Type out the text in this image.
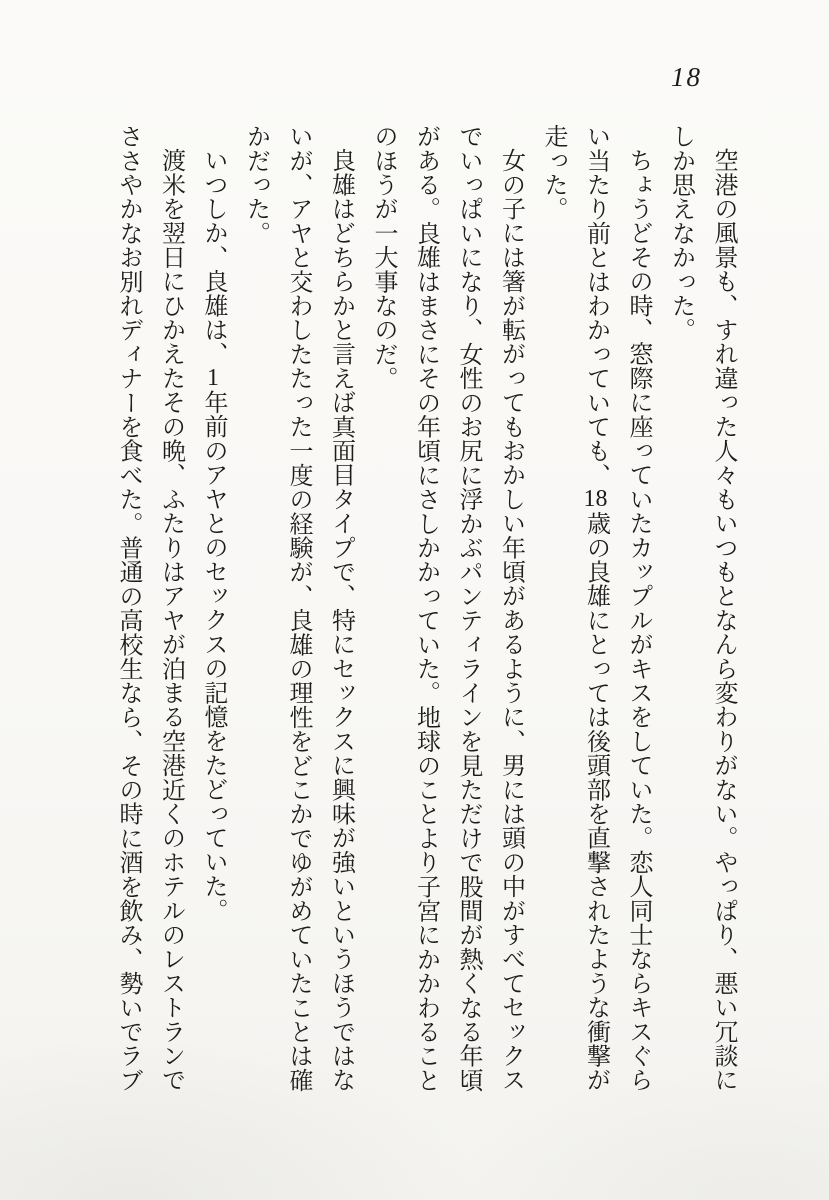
18

空港の風景も、すれ違った人々もいつもとなんら変わりがない。やっぱり、悪い冗談にしか思えなかった。

ちょうどその時、窓際に座っていたカップルがキスをしていた。恋人同士ならキスぐらい当たり前とはわかっていても、18歳の良雄にとっては後頭部を直撃されたような衝撃が走った。

女の子には箸が転がってもおかしい年頃があるように、男には頭の中がすべてセックスでいっぱいになり、女性のお尻に浮かぶパンティラインを見ただけで股間が熱くなる年頃がある。良雄はまさにその年頃にさしかかっていた。地球のことより子宮にかかわることのほうが一大事なのだ。

良雄はどちらかと言えば真面目タイプで、特にセックスに興味が強いというほうではないが、アヤと交わしたたった一度の経験が、良雄の理性をどこかでゆがめていたことは確かだった。

いつしか、良雄は、1年前のアヤとのセックスの記憶をたどっていた。

渡米を翌日にひかえたその晩、ふたりはアヤが泊まる空港近くのホテルのレストランでささやかなお別れディナーを食べた。普通の高校生なら、その時に酒を飲み、勢いでラブ
